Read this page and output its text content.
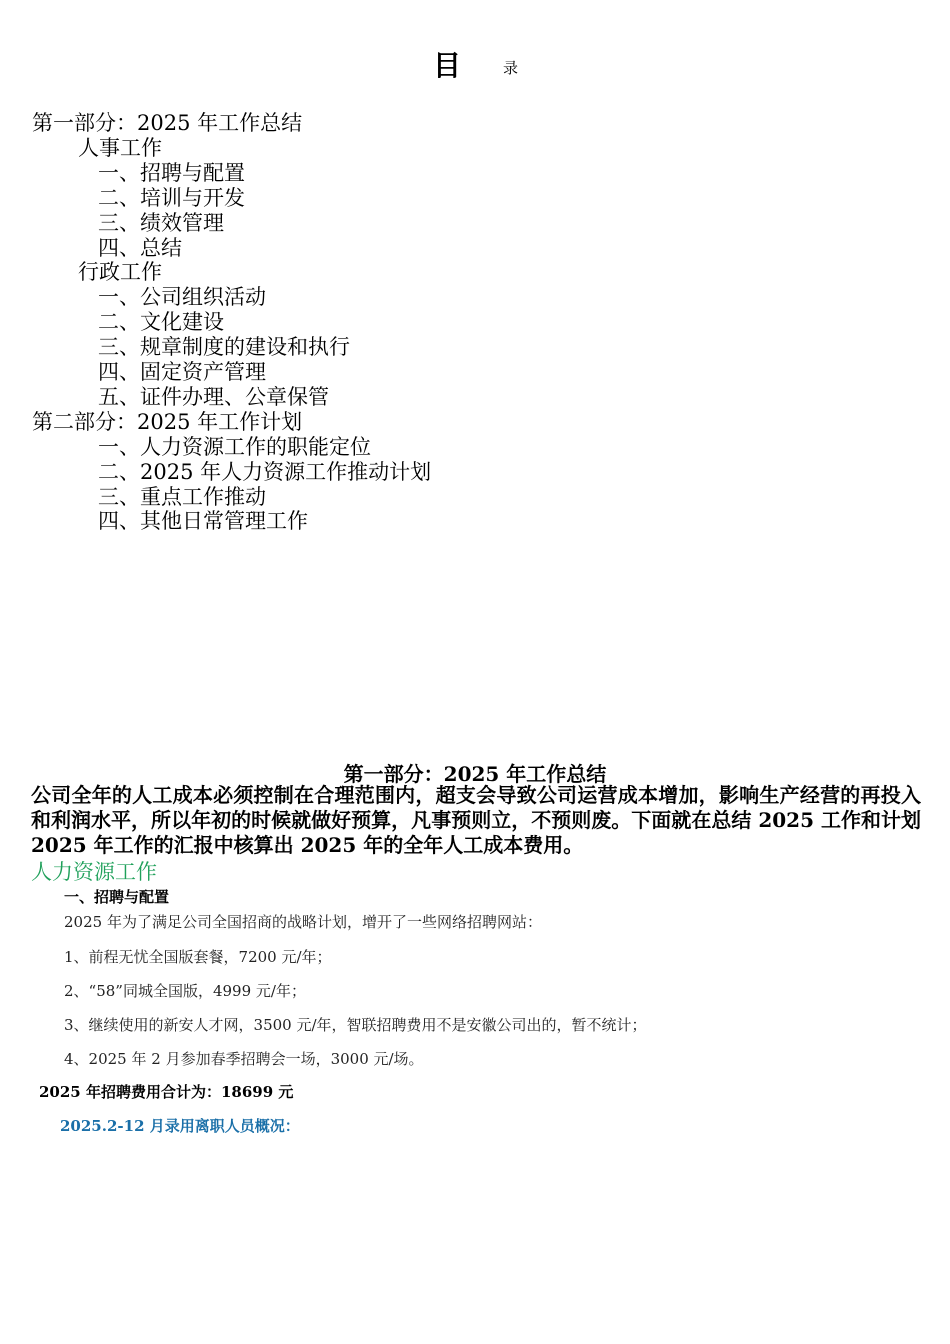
目	录
第一部分：2025 年工作总结
人事工作
一、招聘与配置
二、培训与开发
三、绩效管理
四、总结
行政工作
一、公司组织活动
二、文化建设
三、规章制度的建设和执行
四、固定资产管理
五、证件办理、公章保管
第二部分：2025 年工作计划
一、人力资源工作的职能定位
二、2025 年人力资源工作推动计划
三、重点工作推动
四、其他日常管理工作
第一部分：2025 年工作总结
公司全年的人工成本必须控制在合理范围内，超支会导致公司运营成本增加，影响生产经营的再投入和利润水平，所以年初的时候就做好预算，凡事预则立，不预则废。下面就在总结 2025 工作和计划 2025 年工作的汇报中核算出 2025 年的全年人工成本费用。
人力资源工作
一、招聘与配置
2025 年为了满足公司全国招商的战略计划，增开了一些网络招聘网站：
1、前程无忧全国版套餐，7200 元/年；
2、“58”同城全国版，4999 元/年；
3、继续使用的新安人才网，3500 元/年，智联招聘费用不是安徽公司出的，暂不统计；
4、2025 年 2 月参加春季招聘会一场，3000 元/场。
2025 年招聘费用合计为：18699 元
2025.2-12 月录用离职人员概况：
